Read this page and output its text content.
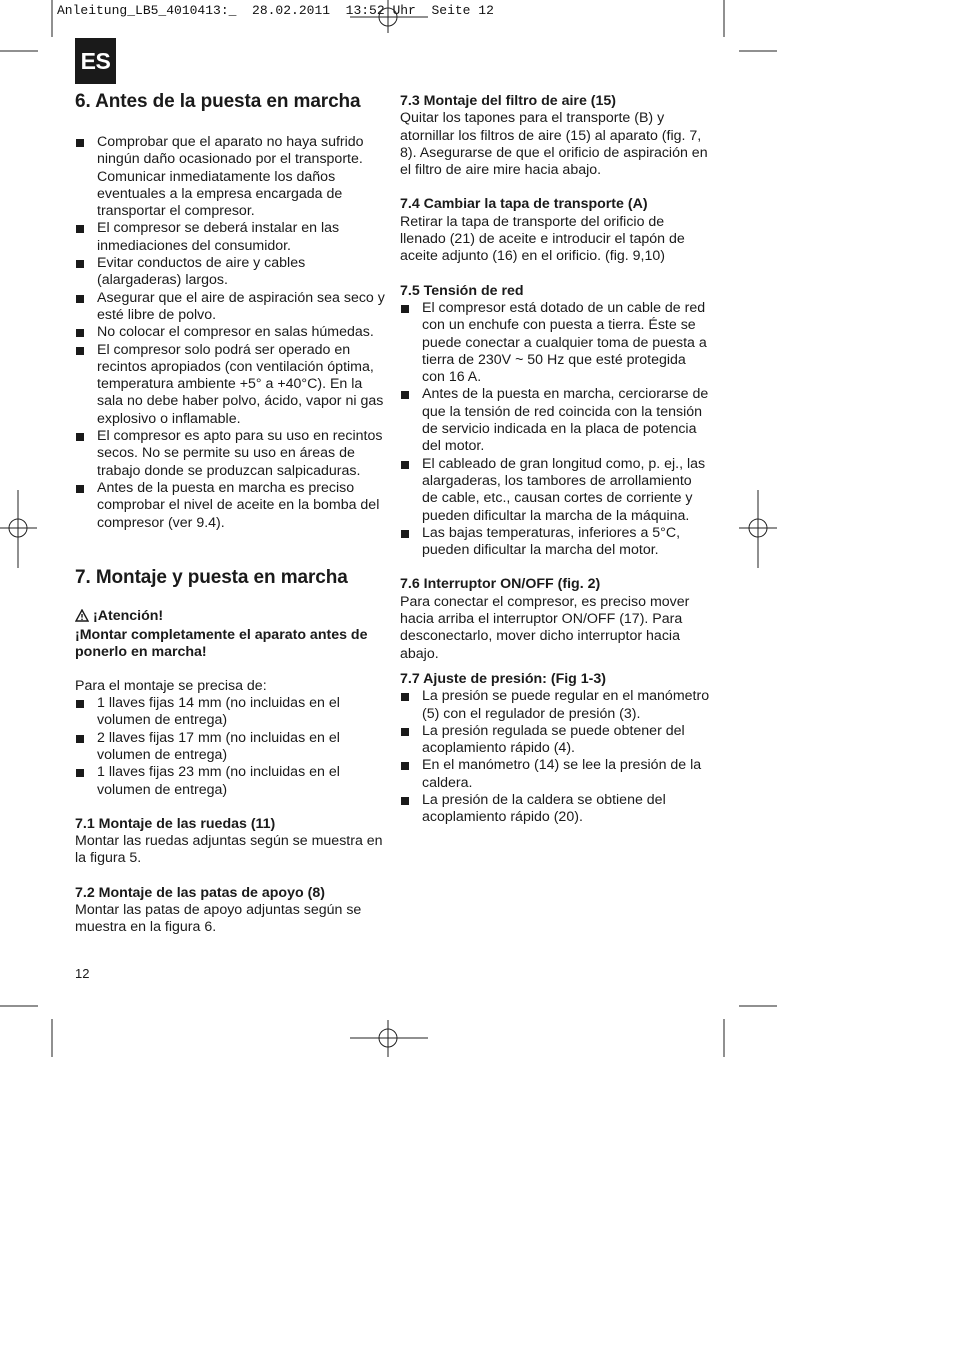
Anleitung_LB5_4010413:_  28.02.2011  13:52 Uhr  Seite 12

ES
6. Antes de la puesta en marcha
Comprobar que el aparato no haya sufrido ningún daño ocasionado por el transporte. Comunicar inmediatamente los daños eventuales a la empresa encargada de transportar el compresor.
El compresor se deberá instalar en las inmediaciones del consumidor.
Evitar conductos de aire y cables (alargaderas) largos.
Asegurar que el aire de aspiración sea seco y esté libre de polvo.
No colocar el compresor en salas húmedas.
El compresor solo podrá ser operado en recintos apropiados (con ventilación óptima, temperatura ambiente +5° a +40°C). En la sala no debe haber polvo, ácido, vapor ni gas explosivo o inflamable.
El compresor es apto para su uso en recintos secos. No se permite su uso en áreas de trabajo donde se produzcan salpicaduras.
Antes de la puesta en marcha es preciso comprobar el nivel de aceite en la bomba del compresor (ver 9.4).
7. Montaje y puesta en marcha

¡Atención!

¡Montar completamente el aparato antes de ponerlo en marcha!

Para el montaje se precisa de:

1 llaves fijas 14 mm (no incluidas en el volumen de entrega)
2 llaves fijas 17 mm (no incluidas en el volumen de entrega)
1 llaves fijas 23 mm (no incluidas en el volumen de entrega)
7.1 Montaje de las ruedas (11)

Montar las ruedas adjuntas según se muestra en la figura 5.

7.2 Montaje de las patas de apoyo (8)

Montar las patas de apoyo adjuntas según se muestra en la figura 6.

7.3 Montaje del filtro de aire (15)

Quitar los tapones para el transporte (B) y atornillar los filtros de aire (15) al aparato (fig. 7, 8). Asegurarse de que el orificio de aspiración en el filtro de aire mire hacia abajo.

7.4 Cambiar la tapa de transporte (A)

Retirar la tapa de transporte del orificio de llenado (21) de aceite e introducir el tapón de aceite adjunto (16) en el orificio. (fig. 9,10)

7.5 Tensión de red
El compresor está dotado de un cable de red con un enchufe con puesta a tierra. Éste se puede conectar a cualquier toma de puesta a tierra de 230V ~ 50 Hz que esté protegida con 16 A.
Antes de la puesta en marcha, cerciorarse de que la tensión de red coincida con la tensión de servicio indicada en la placa de potencia del motor.
El cableado de gran longitud como, p. ej., las alargaderas, los tambores de arrollamiento de cable, etc., causan cortes de corriente y pueden dificultar la marcha de la máquina.
Las bajas temperaturas, inferiores a 5°C, pueden dificultar la marcha del motor.
7.6 Interruptor ON/OFF (fig. 2)

Para conectar el compresor, es preciso mover hacia arriba el interruptor ON/OFF (17). Para desconectarlo, mover dicho interruptor hacia abajo.

7.7 Ajuste de presión: (Fig 1-3)
La presión se puede regular en el manómetro (5) con el regulador de presión (3).
La presión regulada se puede obtener del acoplamiento rápido (4).
En el manómetro (14) se lee la presión de la caldera.
La presión de la caldera se obtiene del acoplamiento rápido (20).
12
